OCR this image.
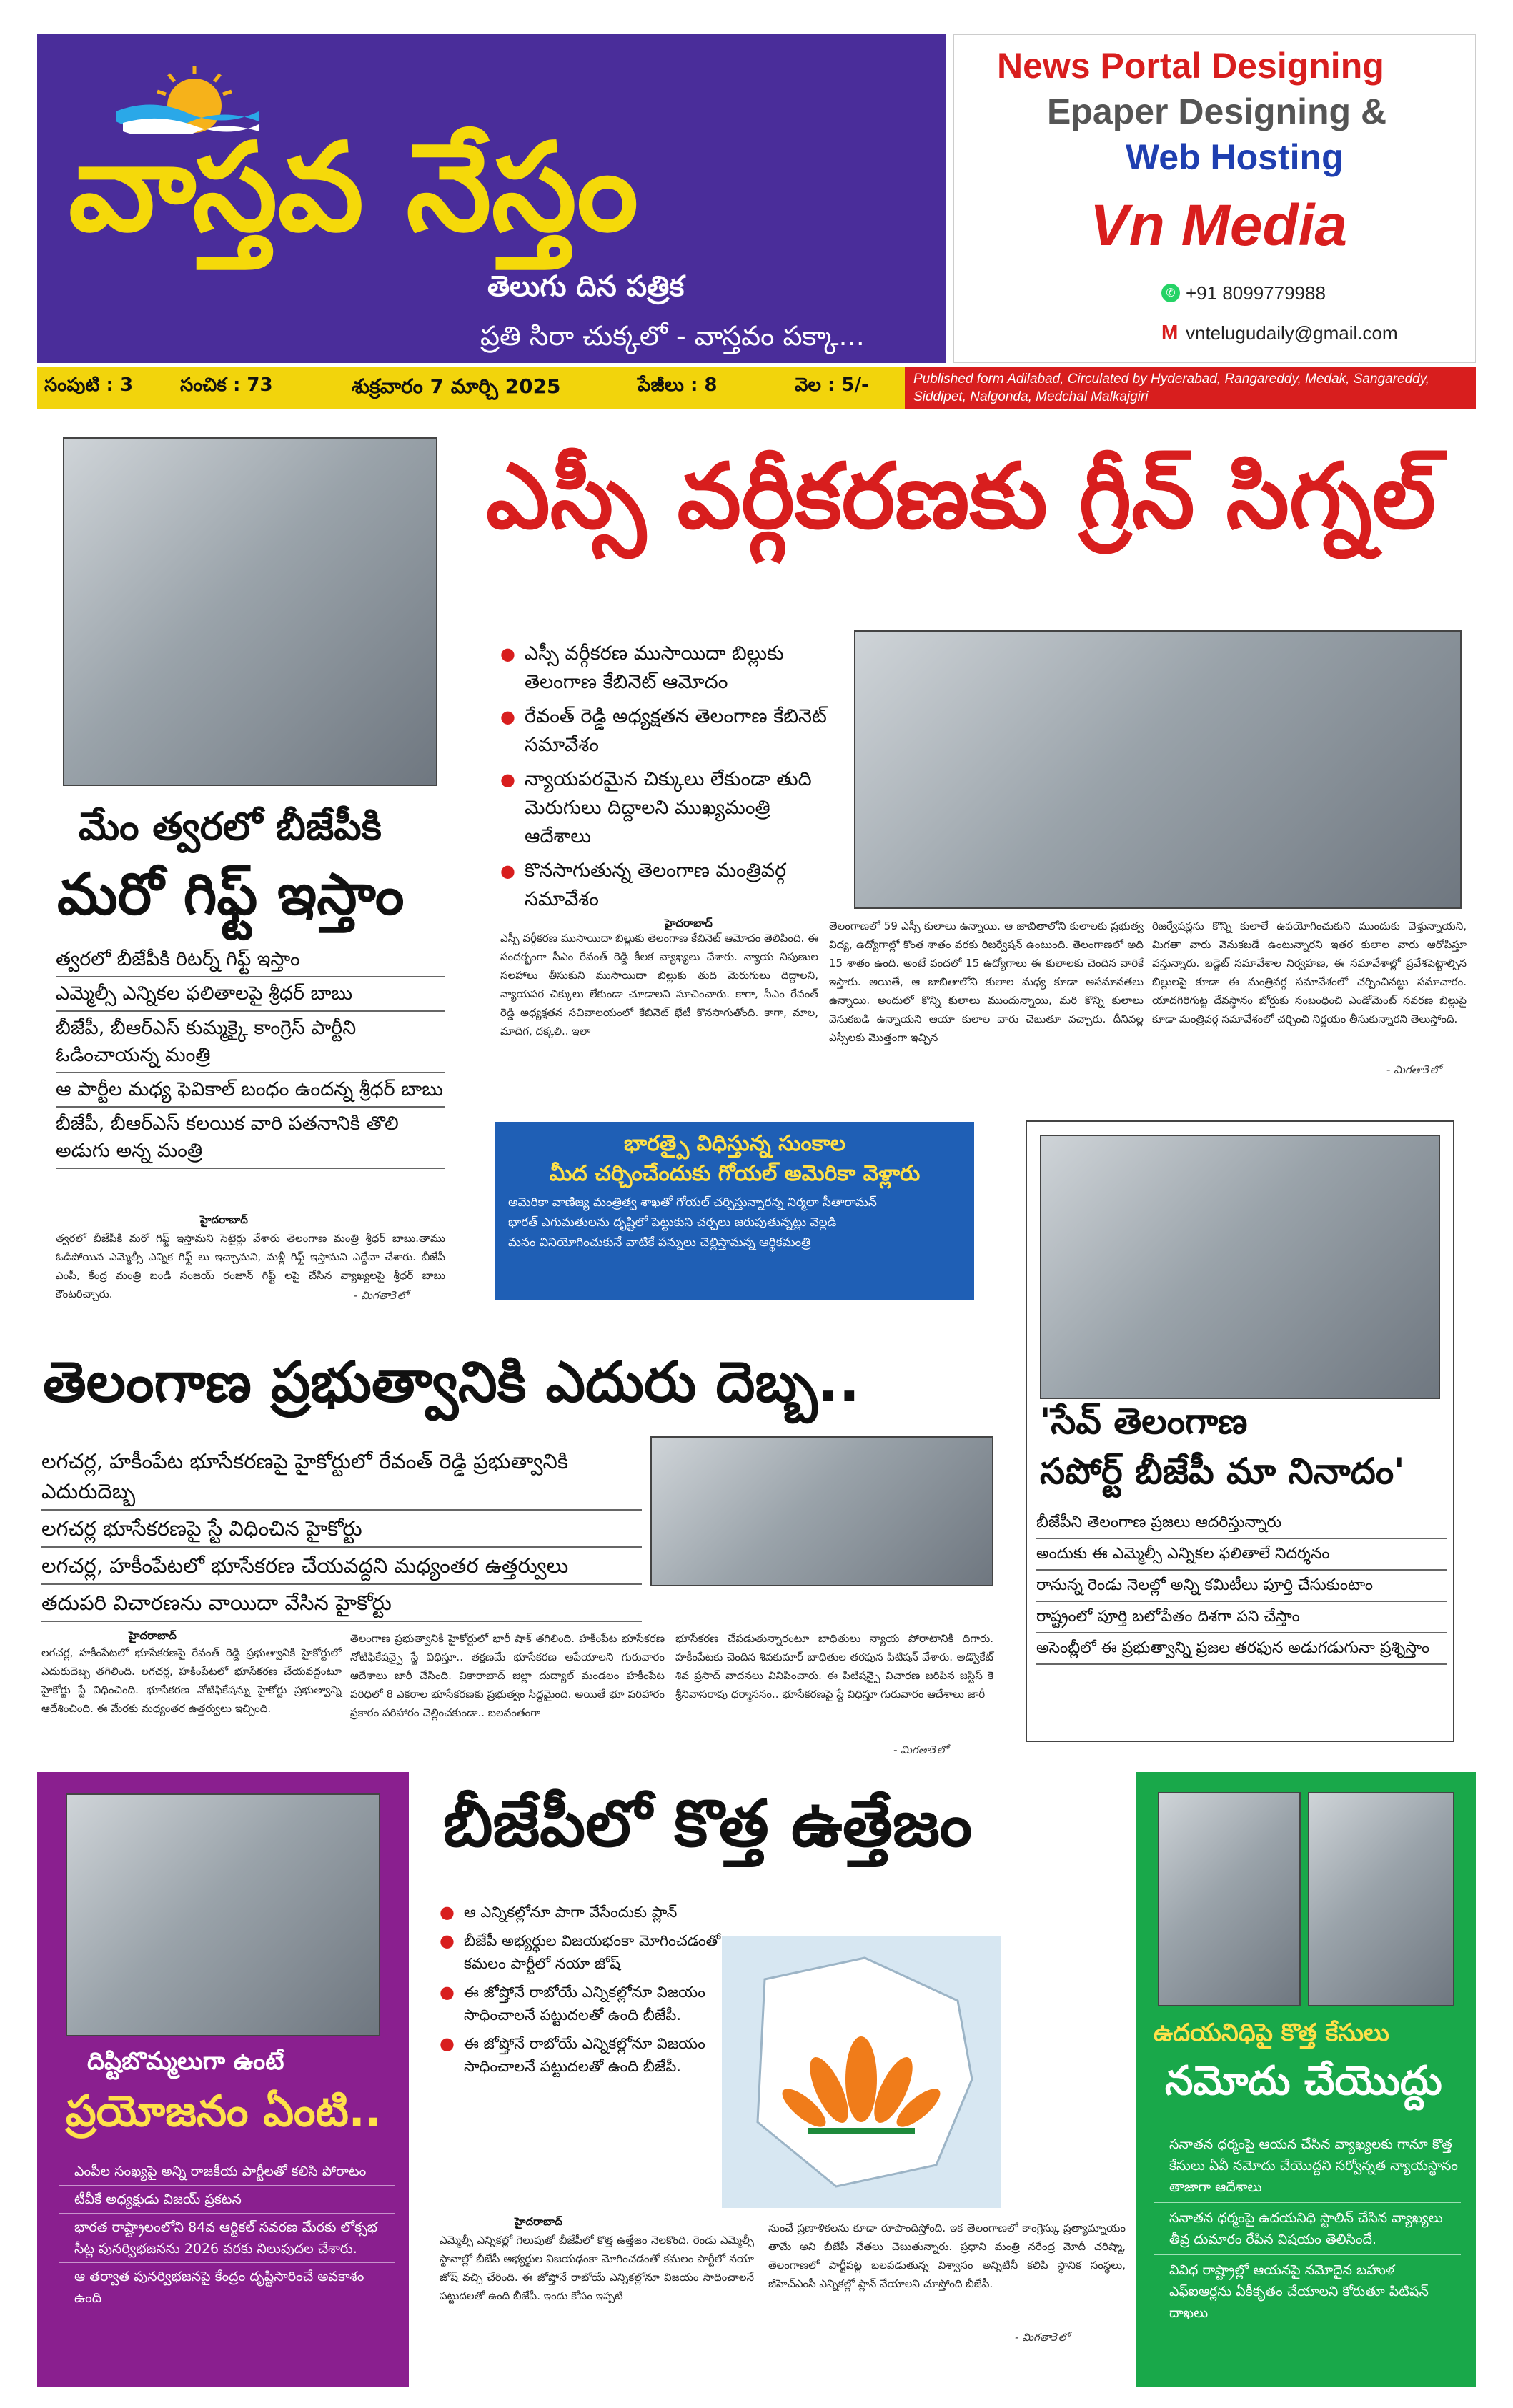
వాస్తవ నేస్తం
తెలుగు దిన పత్రిక
ప్రతి సిరా చుక్కలో - వాస్తవం పక్కా...
News Portal Designing
Epaper Designing &
Web Hosting
Vn Media
✆ +91 8099779988
M vntelugudaily@gmail.com
సంపుటి : 3	సంచిక : 73	శుక్రవారం 7 మార్చి 2025	పేజీలు : 8	వెల : 5/-	Published form Adilabad, Circulated by Hyderabad, Rangareddy, Medak, Sangareddy, Siddipet, Nalgonda, Medchal Malkajgiri
ఎస్సీ వర్గీకరణకు గ్రీన్ సిగ్నల్
మేం త్వరలో బీజేపీకి
మరో గిఫ్ట్ ఇస్తాం
త్వరలో బీజేపీకి రిటర్న్ గిఫ్ట్ ఇస్తాం
ఎమ్మెల్సీ ఎన్నికల ఫలితాలపై శ్రీధర్ బాబు
బీజేపీ, బీఆర్ఎస్ కుమ్మక్కై కాంగ్రెస్ పార్టీని ఓడించాయన్న మంత్రి
ఆ పార్టీల మధ్య ఫెవికాల్ బంధం ఉందన్న శ్రీధర్ బాబు
బీజేపీ, బీఆర్ఎస్ కలయిక వారి పతనానికి తొలి అడుగు అన్న మంత్రి
హైదరాబాద్
త్వరలో బీజేపీకి మరో గిఫ్ట్ ఇస్తామని సెటైర్లు వేశారు తెలంగాణ మంత్రి శ్రీధర్ బాబు.తాము ఓడిపోయిన ఎమ్మెల్సీ ఎన్నిక గిఫ్ట్ లు ఇచ్చామని, మళ్లీ గిఫ్ట్ ఇస్తామని ఎద్దేవా చేశారు. బీజేపీ ఎంపీ, కేంద్ర మంత్రి బండి సంజయ్ రంజాన్ గిఫ్ట్ లపై చేసిన వ్యాఖ్యలపై శ్రీధర్ బాబు కౌంటరిచ్చారు.	- మిగతా3లో
● ఎస్సీ వర్గీకరణ ముసాయిదా బిల్లుకు తెలంగాణ కేబినెట్ ఆమోదం
● రేవంత్ రెడ్డి అధ్యక్షతన తెలంగాణ కేబినెట్ సమావేశం
● న్యాయపరమైన చిక్కులు లేకుండా తుది మెరుగులు దిద్దాలని ముఖ్యమంత్రి ఆదేశాలు
● కొనసాగుతున్న తెలంగాణ మంత్రివర్గ సమావేశం
హైదరాబాద్
ఎస్సీ వర్గీకరణ ముసాయిదా బిల్లుకు తెలంగాణ కేబినెట్ ఆమోదం తెలిపింది. ఈ సందర్భంగా సీఎం రేవంత్ రెడ్డి కీలక వ్యాఖ్యలు చేశారు. న్యాయ నిపుణుల సలహాలు తీసుకుని ముసాయిదా బిల్లుకు తుది మెరుగులు దిద్దాలని, న్యాయపర చిక్కులు లేకుండా చూడాలని సూచించారు. కాగా, సీఎం రేవంత్ రెడ్డి అధ్యక్షతన సచివాలయంలో కేబినెట్ భేటీ కొనసాగుతోంది. కాగా, మాల, మాదిగ, దక్కలి.. ఇలా
తెలంగాణలో 59 ఎస్సీ కులాలు ఉన్నాయి. ఆ జాబితాలోని కులాలకు ప్రభుత్వ విద్య, ఉద్యోగాల్లో కొంత శాతం వరకు రిజర్వేషన్ ఉంటుంది. తెలంగాణలో అది 15 శాతం ఉంది. అంటే వందలో 15 ఉద్యోగాలు ఈ కులాలకు చెందిన వారికే ఇస్తారు. అయితే, ఆ జాబితాలోని కులాల మధ్య కూడా అసమానతలు ఉన్నాయి. అందులో కొన్ని కులాలు ముందున్నాయి, మరి కొన్ని కులాలు వెనుకబడి ఉన్నాయని ఆయా కులాల వారు చెబుతూ వచ్చారు. దీనివల్ల ఎస్సీలకు మొత్తంగా ఇచ్చిన
రిజర్వేషన్లను కొన్ని కులాలే ఉపయోగించుకుని ముందుకు వెళ్తున్నాయని, మిగతా వారు వెనుకబడే ఉంటున్నారని ఇతర కులాల వారు ఆరోపిస్తూ వస్తున్నారు. బడ్జెట్ సమావేశాల నిర్వహణ, ఈ సమావేశాల్లో ప్రవేశపెట్టాల్సిన బిల్లులపై కూడా ఈ మంత్రివర్గ సమావేశంలో చర్చించినట్టు సమాచారం. యాదగిరిగుట్ట దేవస్థానం బోర్డుకు సంబంధించి ఎండోమెంట్ సవరణ బిల్లుపై కూడా మంత్రివర్గ సమావేశంలో చర్చించి నిర్ణయం తీసుకున్నారని తెలుస్తోంది.
- మిగతా3లో
భారత్పై విధిస్తున్న సుంకాల
మీద చర్చించేందుకు గోయల్ అమెరికా వెళ్లారు
అమెరికా వాణిజ్య మంత్రిత్వ శాఖతో గోయల్ చర్చిస్తున్నారన్న నిర్మలా సీతారామన్
భారత్ ఎగుమతులను దృష్టిలో పెట్టుకుని చర్చలు జరుపుతున్నట్లు వెల్లడి
మనం వినియోగించుకునే వాటికే పన్నులు చెల్లిస్తామన్న ఆర్థికమంత్రి
'సేవ్ తెలంగాణ
సపోర్ట్ బీజేపీ మా నినాదం'
బీజేపీని తెలంగాణ ప్రజలు ఆదరిస్తున్నారు
అందుకు ఈ ఎమ్మెల్సీ ఎన్నికల ఫలితాలే నిదర్శనం
రానున్న రెండు నెలల్లో అన్ని కమిటీలు పూర్తి చేసుకుంటాం
రాష్ట్రంలో పూర్తి బలోపేతం దిశగా పని చేస్తాం
అసెంబ్లీలో ఈ ప్రభుత్వాన్ని ప్రజల తరఫున అడుగడుగునా ప్రశ్నిస్తాం
తెలంగాణ ప్రభుత్వానికి ఎదురు దెబ్బ..
లగచర్ల, హకీంపేట భూసేకరణపై హైకోర్టులో రేవంత్ రెడ్డి ప్రభుత్వానికి ఎదురుదెబ్బ
లగచర్ల భూసేకరణపై స్టే విధించిన హైకోర్టు
లగచర్ల, హకీంపేటలో భూసేకరణ చేయవద్దని మధ్యంతర ఉత్తర్వులు
తదుపరి విచారణను వాయిదా వేసిన హైకోర్టు
హైదరాబాద్
లగచర్ల, హకీంపేటలో భూసేకరణపై రేవంత్ రెడ్డి ప్రభుత్వానికి హైకోర్టులో ఎదురుదెబ్బ తగిలింది. లగచర్ల, హకీంపేటలో భూసేకరణ చేయవద్దంటూ హైకోర్టు స్టే విధించింది. భూసేకరణ నోటిఫికేషన్ను హైకోర్టు ప్రభుత్వాన్ని ఆదేశించింది. ఈ మేరకు మధ్యంతర ఉత్తర్వులు ఇచ్చింది.
తెలంగాణ ప్రభుత్వానికి హైకోర్టులో భారీ షాక్ తగిలింది. హకీంపేట భూసేకరణ నోటిఫికేషన్పై స్టే విధిస్తూ.. తక్షణమే భూసేకరణ ఆపేయాలని గురువారం ఆదేశాలు జారీ చేసింది. వికారాబాద్ జిల్లా దుద్యాల్ మండలం హకీంపేట పరిధిలో 8 ఎకరాల భూసేకరణకు ప్రభుత్వం సిద్ధమైంది. అయితే భూ పరిహారం ప్రకారం పరిహారం చెల్లించకుండా.. బలవంతంగా
భూసేకరణ చేపడుతున్నారంటూ బాధితులు న్యాయ పోరాటానికి దిగారు. హకీంపేటకు చెందిన శివకుమార్ బాధితుల తరఫున పిటిషన్ వేశారు. అడ్వొకేట్ శివ ప్రసాద్ వాదనలు వినిపించారు. ఈ పిటిషన్పై విచారణ జరిపిన జస్టిస్ కె శ్రీనివాసరావు ధర్మాసనం.. భూసేకరణపై స్టే విధిస్తూ గురువారం ఆదేశాలు జారీ
- మిగతా3లో
దిష్టిబొమ్మలుగా ఉంటే
ప్రయోజనం ఏంటి..
ఎంపీల సంఖ్యపై అన్ని రాజకీయ పార్టీలతో కలిసి పోరాటం
టీవీకే అధ్యక్షుడు విజయ్ ప్రకటన
భారత రాష్ట్రాలంలోని 84వ ఆర్టికల్ సవరణ మేరకు లోక్సభ సీట్ల పునర్విభజనను 2026 వరకు నిలుపుదల చేశారు.
ఆ తర్వాత పునర్విభజనపై కేంద్రం దృష్టిసారించే అవకాశం ఉంది
బీజేపీలో కొత్త ఉత్తేజం
● ఆ ఎన్నికల్లోనూ పాగా వేసేందుకు ప్లాన్
● బీజేపీ అభ్యర్థుల విజయభంకా మోగించడంతో కమలం పార్టీలో నయా జోష్
● ఈ జోష్తోనే రాబోయే ఎన్నికల్లోనూ విజయం సాధించాలనే పట్టుదలతో ఉంది బీజేపీ.
● ఈ జోష్తోనే రాబోయే ఎన్నికల్లోనూ విజయం సాధించాలనే పట్టుదలతో ఉంది బీజేపీ.
హైదరాబాద్
ఎమ్మెల్సీ ఎన్నికల్లో గెలుపుతో బీజేపీలో కొత్త ఉత్తేజం నెలకొంది. రెండు ఎమ్మెల్సీ స్థానాల్లో బీజేపీ అభ్యర్థుల విజయఢంకా మోగించడంతో కమలం పార్టీలో నయా జోష్ వచ్చి చేరింది. ఈ జోష్తోనే రాబోయే ఎన్నికల్లోనూ విజయం సాధించాలనే పట్టుదలతో ఉంది బీజేపీ. ఇందు కోసం ఇప్పటి
నుంచే ప్రణాళికలను కూడా రూపొందిస్తోంది. ఇక తెలంగాణలో కాంగ్రెస్కు ప్రత్యామ్నాయం తామే అని బీజేపీ నేతలు చెబుతున్నారు. ప్రధాని మంత్రి నరేంద్ర మోదీ చరిష్మా, తెలంగాణలో పార్టీపట్ల బలపడుతున్న విశ్వాసం అన్నిటినీ కలిపి స్థానిక సంస్థలు, జీహెచ్ఎంసీ ఎన్నికల్లో ప్లాన్ వేయాలని చూస్తోంది బీజేపీ.
- మిగతా3లో
ఉదయనిధిపై కొత్త కేసులు
నమోదు చేయొద్దు
సనాతన ధర్మంపై ఆయన చేసిన వ్యాఖ్యలకు గానూ కొత్త కేసులు ఏవీ నమోదు చేయొద్దని సర్వోన్నత న్యాయస్థానం తాజాగా ఆదేశాలు
సనాతన ధర్మంపై ఉదయనిధి స్టాలిన్ చేసిన వ్యాఖ్యలు తీవ్ర దుమారం రేపిన విషయం తెలిసిందే.
వివిధ రాష్ట్రాల్లో ఆయనపై నమోదైన బహుళ ఎఫ్ఐఆర్లను ఏకీకృతం చేయాలని కోరుతూ పిటిషన్ దాఖలు
